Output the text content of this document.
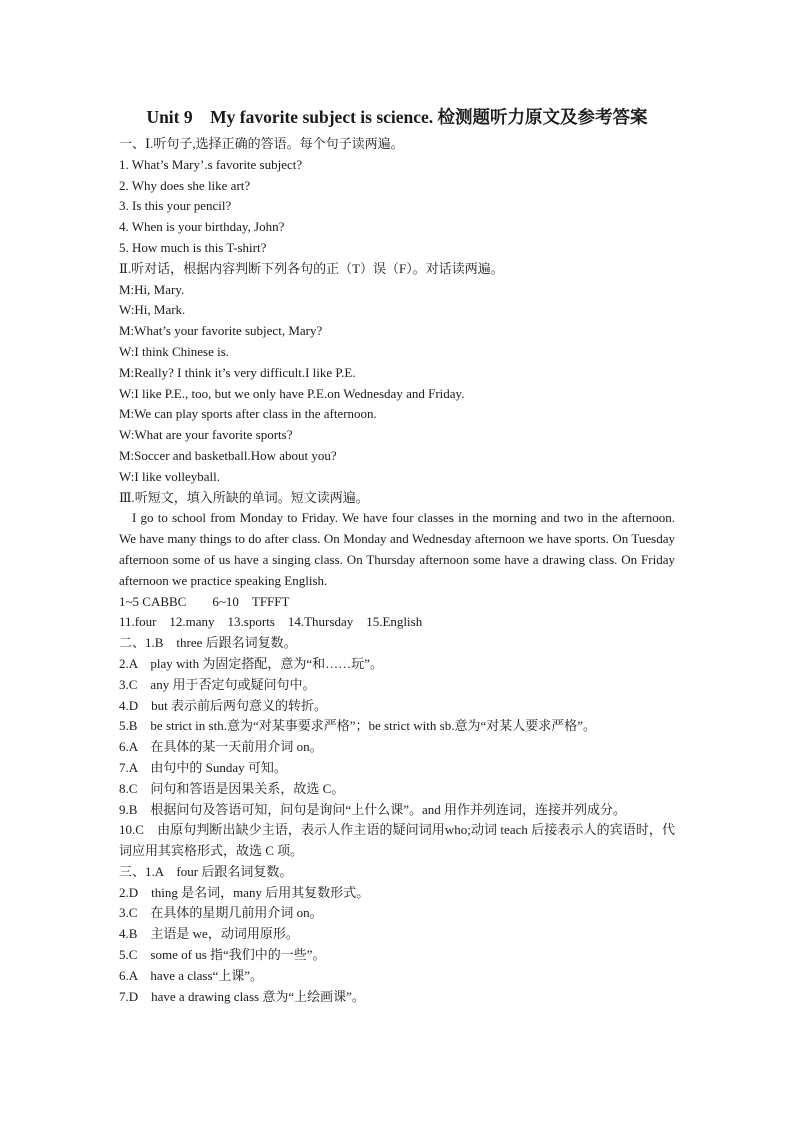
Unit 9　My favorite subject is science. 检测题听力原文及参考答案
一、Ⅰ.听句子,选择正确的答语。每个句子读两遍。
1. What’s Mary’.s favorite subject?
2. Why does she like art?
3. Is this your pencil?
4. When is your birthday, John?
5. How much is this T-shirt?
Ⅱ.听对话，根据内容判断下列各句的正（T）误（F）。对话读两遍。
M:Hi, Mary.
W:Hi, Mark.
M:What’s your favorite subject, Mary?
W:I think Chinese is.
M:Really? I think it’s very difficult.I like P.E.
W:I like P.E., too, but we only have P.E.on Wednesday and Friday.
M:We can play sports after class in the afternoon.
W:What are your favorite sports?
M:Soccer and basketball.How about you?
W:I like volleyball.
Ⅲ.听短文，填入所缺的单词。短文读两遍。
I go to school from Monday to Friday. We have four classes in the morning and two in the afternoon. We have many things to do after class. On Monday and Wednesday afternoon we have sports. On Tuesday afternoon some of us have a singing class. On Thursday afternoon some have a drawing class. On Friday afternoon we practice speaking English.
1~5 CABBC　　6~10　TFFFT
11.four　12.many　13.sports　14.Thursday　15.English
二、1.B　three 后跟名词复数。
2.A　play with 为固定搭配，意为“和……玩”。
3.C　any 用于否定句或疑问句中。
4.D　but 表示前后两句意义的转折。
5.B　be strict in sth.意为“对某事要求严格”；be strict with sb.意为“对某人要求严格”。
6.A　在具体的某一天前用介词 on。
7.A　由句中的 Sunday 可知。
8.C　问句和答语是因果关系，故选 C。
9.B　根据问句及答语可知，问句是询问“上什么课”。and 用作并列连词，连接并列成分。
10.C　由原句判断出缺少主语，表示人作主语的疑问词用who;动词 teach 后接表示人的宾语时，代词应用其宾格形式，故选 C 项。
三、1.A　four 后跟名词复数。
2.D　thing 是名词，many 后用其复数形式。
3.C　在具体的星期几前用介词 on。
4.B　主语是 we，动词用原形。
5.C　some of us 指“我们中的一些”。
6.A　have a class“上课”。
7.D　have a drawing class 意为“上绘画课”。
